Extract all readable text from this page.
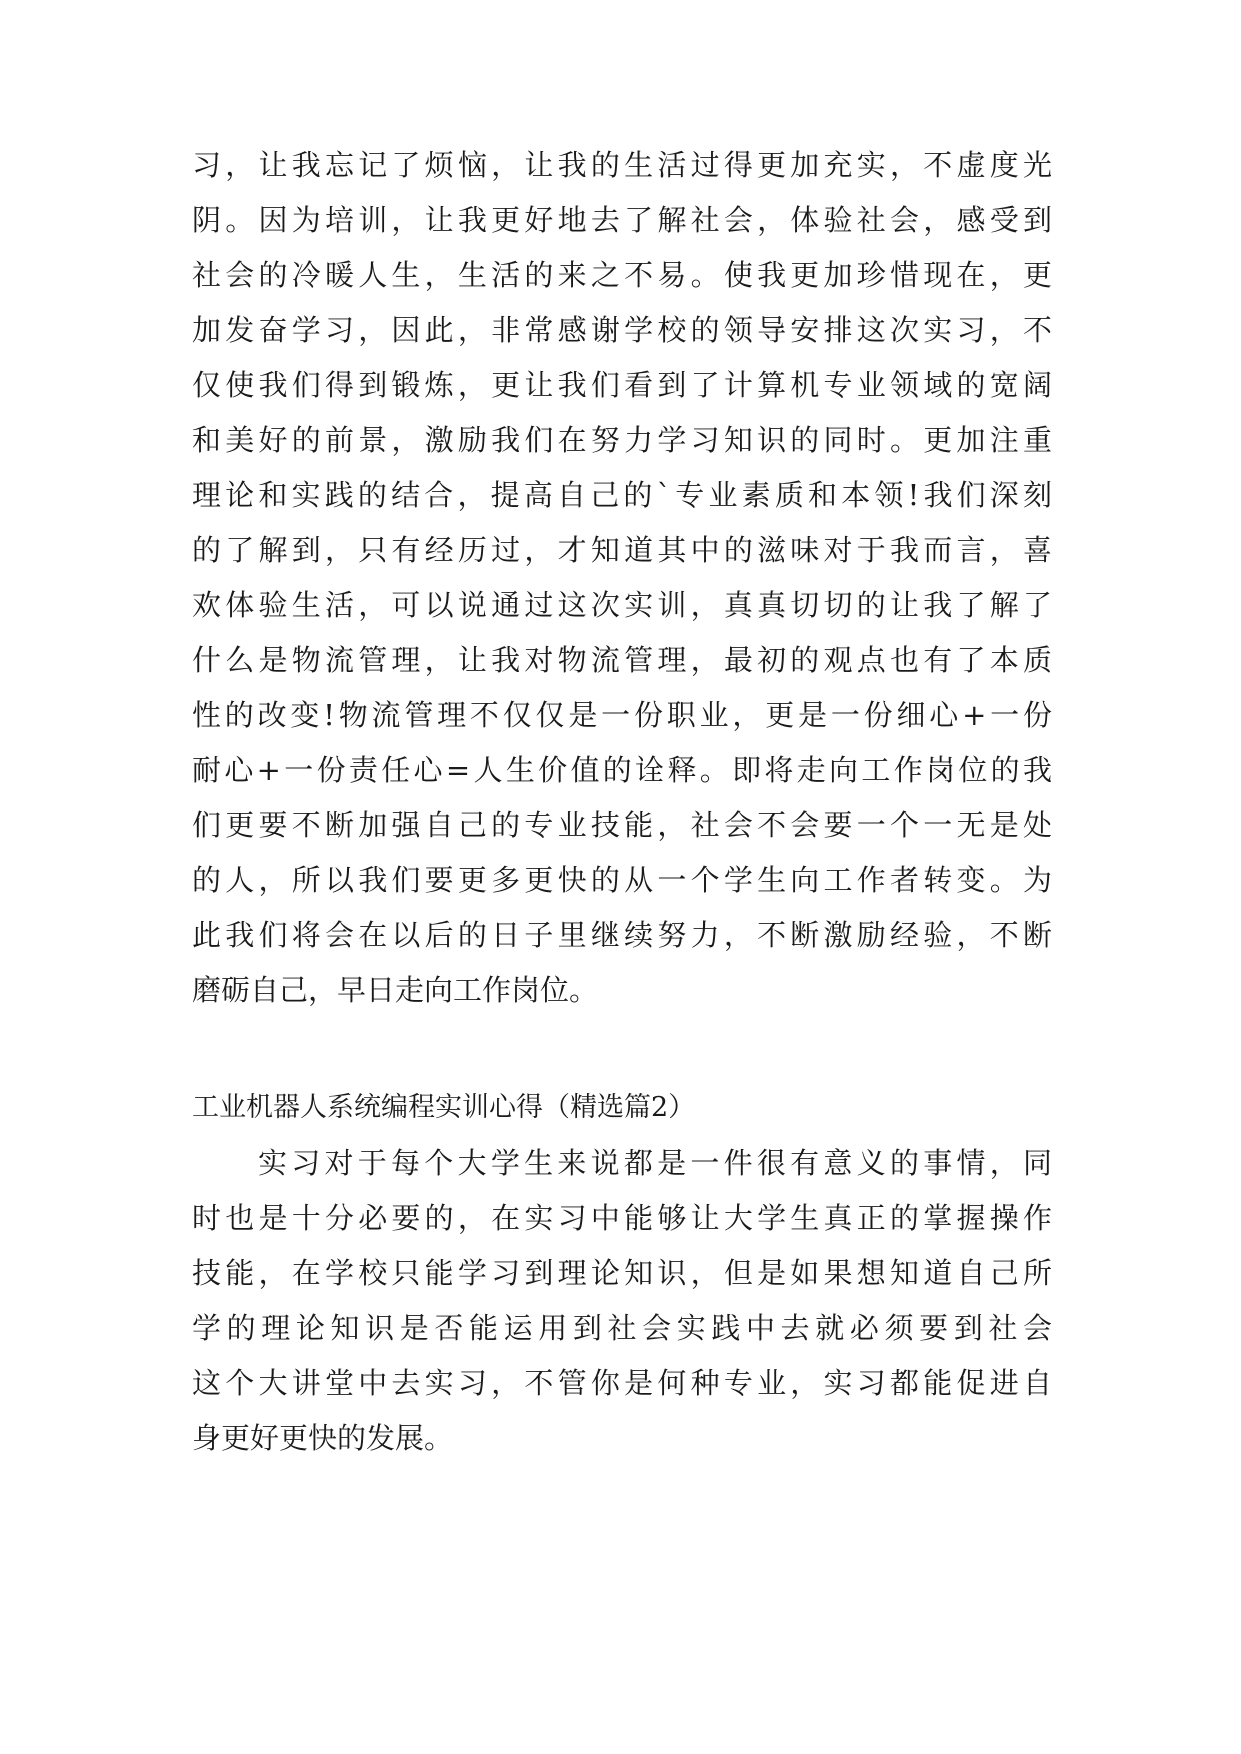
习，让我忘记了烦恼，让我的生活过得更加充实，不虚度光
阴。因为培训，让我更好地去了解社会，体验社会，感受到
社会的冷暖人生，生活的来之不易。使我更加珍惜现在，更
加发奋学习，因此，非常感谢学校的领导安排这次实习，不
仅使我们得到锻炼，更让我们看到了计算机专业领域的宽阔
和美好的前景，激励我们在努力学习知识的同时。更加注重
理论和实践的结合，提高自己的`专业素质和本领!我们深刻
的了解到，只有经历过，才知道其中的滋味对于我而言，喜
欢体验生活，可以说通过这次实训，真真切切的让我了解了
什么是物流管理，让我对物流管理，最初的观点也有了本质
性的改变!物流管理不仅仅是一份职业，更是一份细心+一份
耐心+一份责任心=人生价值的诠释。即将走向工作岗位的我
们更要不断加强自己的专业技能，社会不会要一个一无是处
的人，所以我们要更多更快的从一个学生向工作者转变。为
此我们将会在以后的日子里继续努力，不断激励经验，不断
磨砺自己，早日走向工作岗位。
工业机器人系统编程实训心得（精选篇2）
实习对于每个大学生来说都是一件很有意义的事情，同
时也是十分必要的，在实习中能够让大学生真正的掌握操作
技能，在学校只能学习到理论知识，但是如果想知道自己所
学的理论知识是否能运用到社会实践中去就必须要到社会
这个大讲堂中去实习，不管你是何种专业，实习都能促进自
身更好更快的发展。
